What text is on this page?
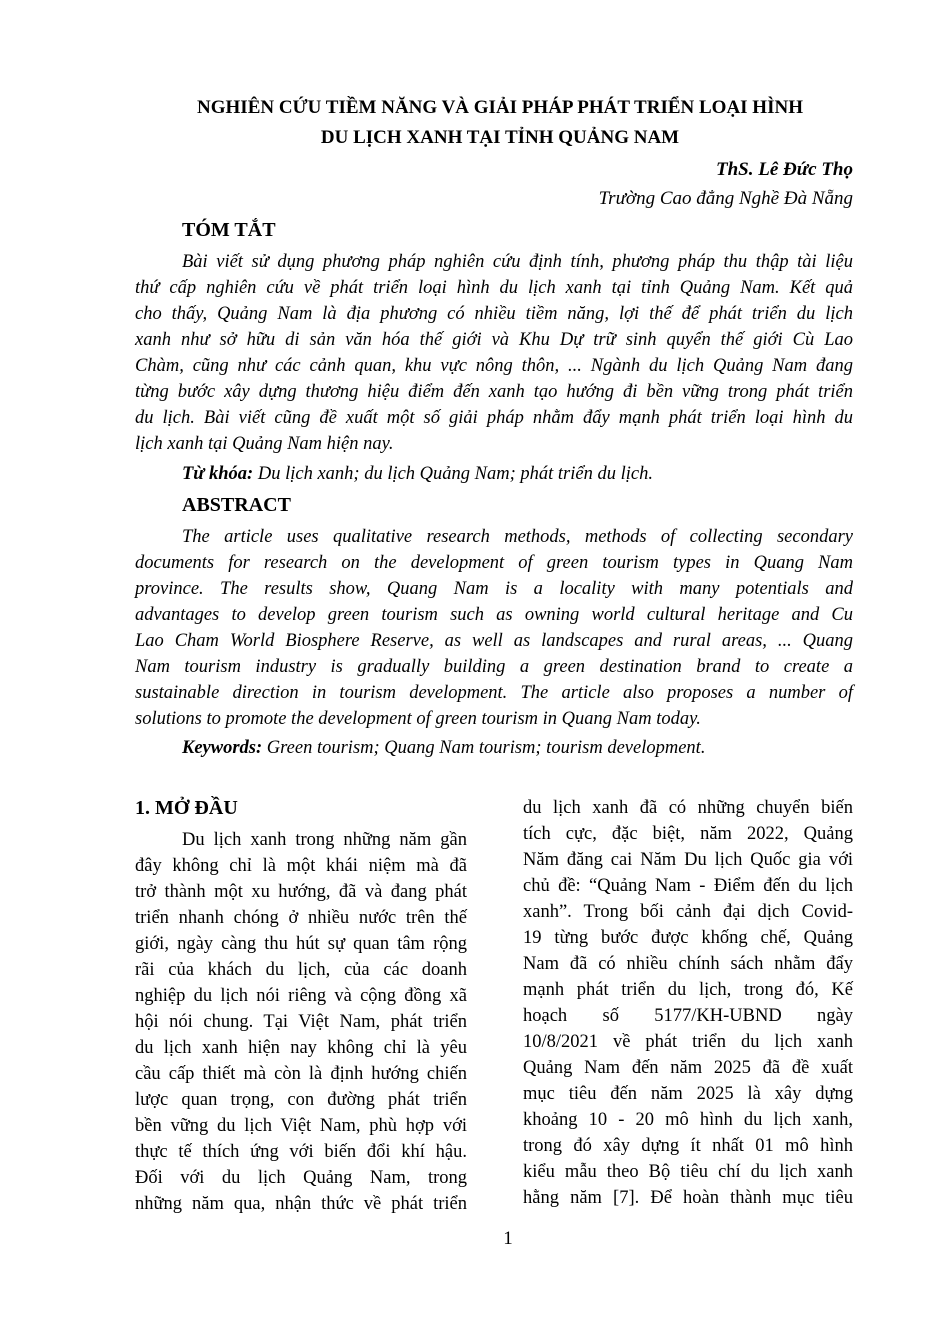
NGHIÊN CỨU TIỀM NĂNG VÀ GIẢI PHÁP PHÁT TRIỂN LOẠI HÌNH
DU LỊCH XANH TẠI TỈNH QUẢNG NAM
ThS. Lê Đức Thọ
Trường Cao đẳng Nghề Đà Nẵng
TÓM TẮT
Bài viết sử dụng phương pháp nghiên cứu định tính, phương pháp thu thập tài liệu
thứ cấp nghiên cứu về phát triển loại hình du lịch xanh tại tỉnh Quảng Nam. Kết quả
cho thấy, Quảng Nam là địa phương có nhiều tiềm năng, lợi thế để phát triển du lịch
xanh như sở hữu di sản văn hóa thế giới và Khu Dự trữ sinh quyển thế giới Cù Lao
Chàm, cũng như các cảnh quan, khu vực nông thôn, ... Ngành du lịch Quảng Nam đang
từng bước xây dựng thương hiệu điểm đến xanh tạo hướng đi bền vững trong phát triển
du lịch. Bài viết cũng đề xuất một số giải pháp nhằm đẩy mạnh phát triển loại hình du
lịch xanh tại Quảng Nam hiện nay.
Từ khóa: Du lịch xanh; du lịch Quảng Nam; phát triển du lịch.
ABSTRACT
The article uses qualitative research methods, methods of collecting secondary
documents for research on the development of green tourism types in Quang Nam
province. The results show, Quang Nam is a locality with many potentials and
advantages to develop green tourism such as owning world cultural heritage and Cu
Lao Cham World Biosphere Reserve, as well as landscapes and rural areas, ... Quang
Nam tourism industry is gradually building a green destination brand to create a
sustainable direction in tourism development. The article also proposes a number of
solutions to promote the development of green tourism in Quang Nam today.
Keywords: Green tourism; Quang Nam tourism; tourism development.
1. MỞ ĐẦU
Du lịch xanh trong những năm gần
đây không chỉ là một khái niệm mà đã
trở thành một xu hướng, đã và đang phát
triển nhanh chóng ở nhiều nước trên thế
giới, ngày càng thu hút sự quan tâm rộng
rãi của khách du lịch, của các doanh
nghiệp du lịch nói riêng và cộng đồng xã
hội nói chung. Tại Việt Nam, phát triển
du lịch xanh hiện nay không chỉ là yêu
cầu cấp thiết mà còn là định hướng chiến
lược quan trọng, con đường phát triển
bền vững du lịch Việt Nam, phù hợp với
thực tế thích ứng với biến đổi khí hậu.
Đối với du lịch Quảng Nam, trong
những năm qua, nhận thức về phát triển
du lịch xanh đã có những chuyển biến
tích cực, đặc biệt, năm 2022, Quảng
Năm đăng cai Năm Du lịch Quốc gia với
chủ đề: “Quảng Nam - Điểm đến du lịch
xanh”. Trong bối cảnh đại dịch Covid-
19 từng bước được khống chế, Quảng
Nam đã có nhiều chính sách nhằm đẩy
mạnh phát triển du lịch, trong đó, Kế
hoạch số 5177/KH-UBND ngày
10/8/2021 về phát triển du lịch xanh
Quảng Nam đến năm 2025 đã đề xuất
mục tiêu đến năm 2025 là xây dựng
khoảng 10 - 20 mô hình du lịch xanh,
trong đó xây dựng ít nhất 01 mô hình
kiểu mẫu theo Bộ tiêu chí du lịch xanh
hằng năm [7]. Để hoàn thành mục tiêu
1
